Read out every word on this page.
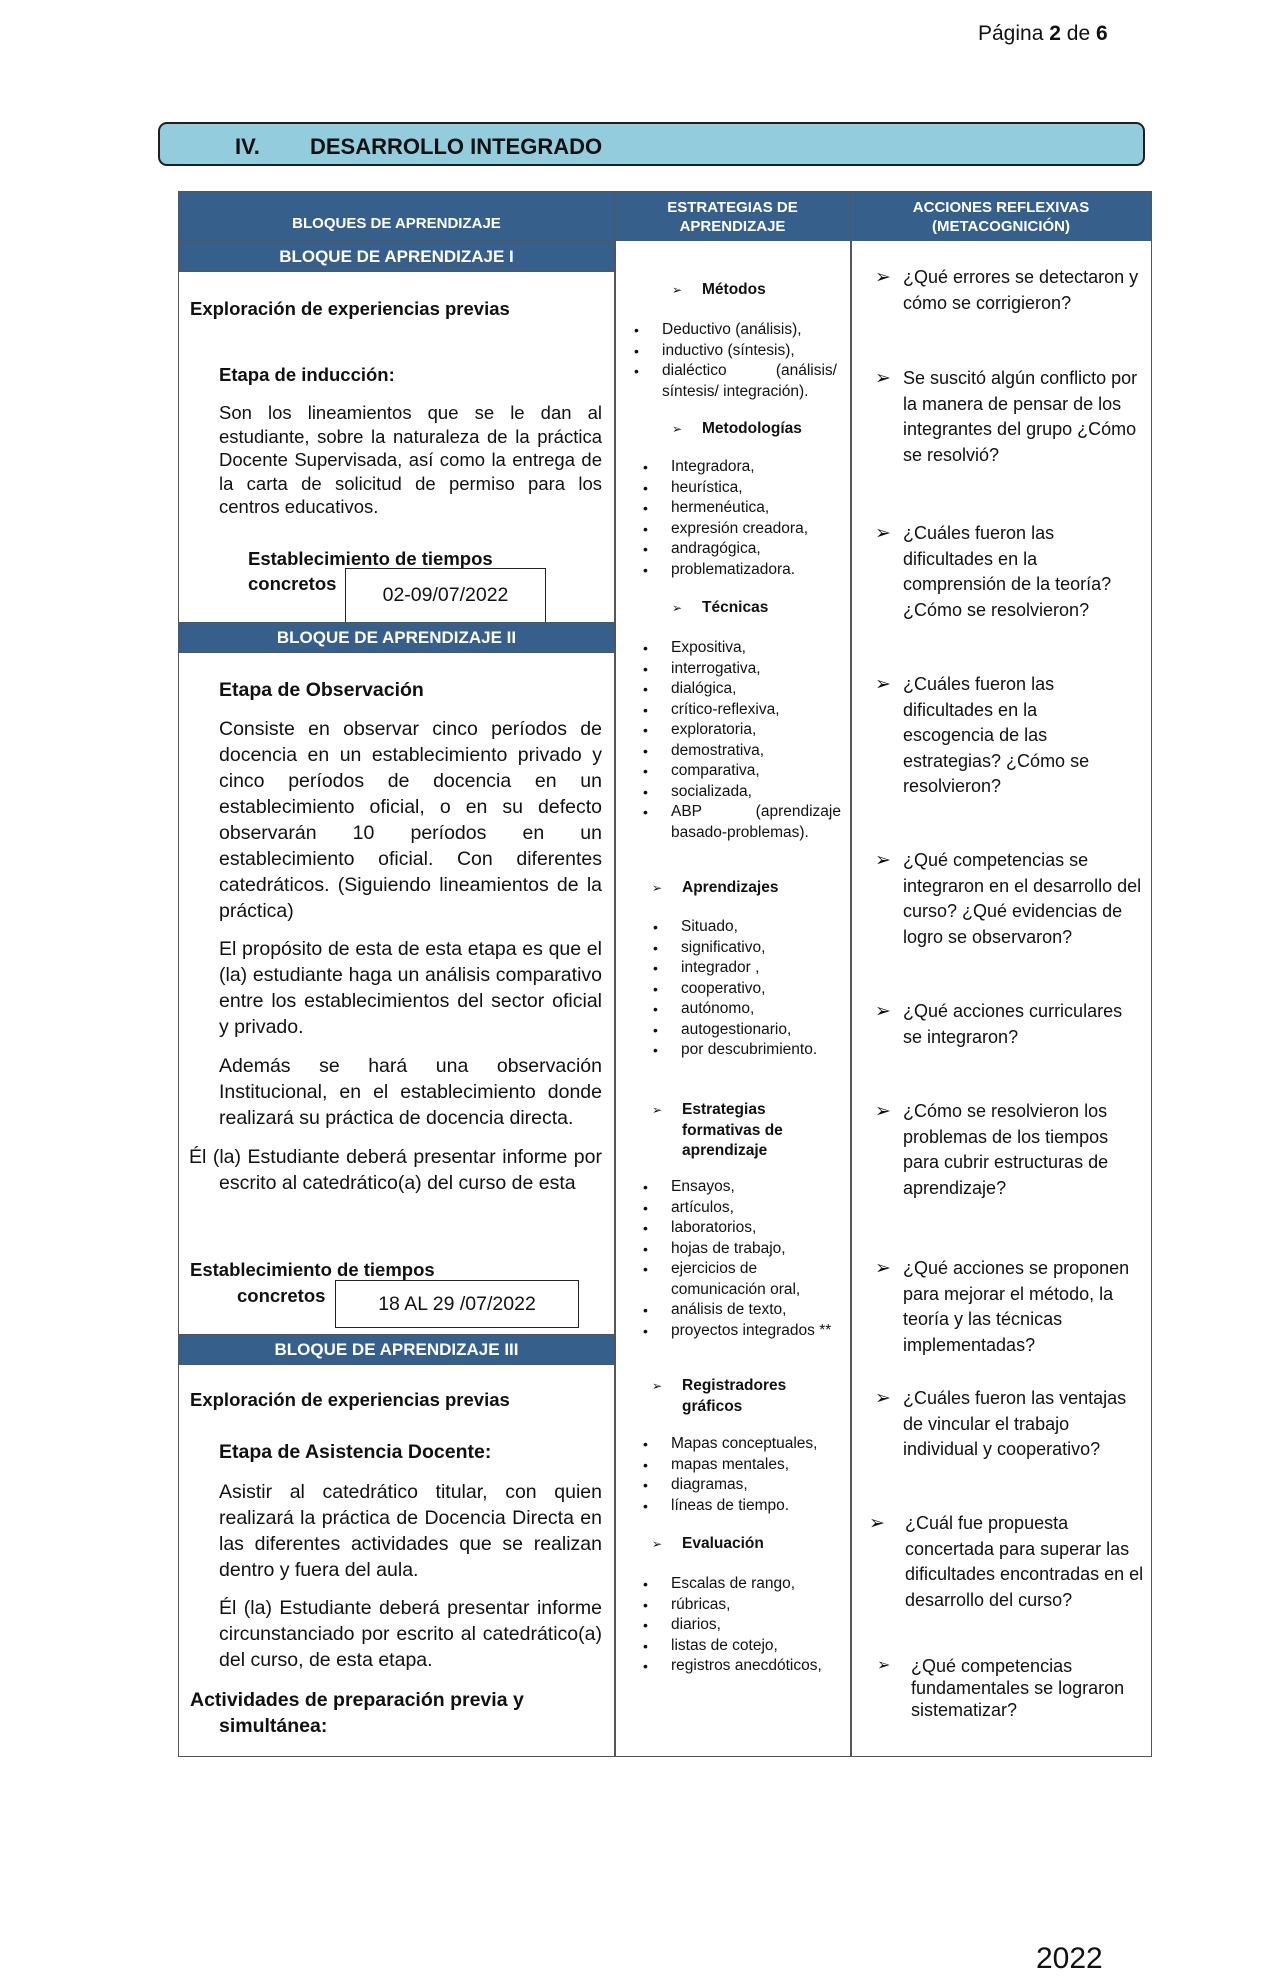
Página 2 de 6
IV. DESARROLLO INTEGRADO
BLOQUES DE APRENDIZAJE
ESTRATEGIAS DE APRENDIZAJE
ACCIONES REFLEXIVAS (METACOGNICIÓN)
BLOQUE DE APRENDIZAJE I
Exploración de experiencias previas
Etapa de inducción:
Son los lineamientos que se le dan al estudiante, sobre la naturaleza de la práctica Docente Supervisada, así como la entrega de la carta de solicitud de permiso para los centros educativos.
Establecimiento de tiempos
concretos
02-09/07/2022
BLOQUE DE APRENDIZAJE II
Etapa de Observación
Consiste en observar cinco períodos de docencia en un establecimiento privado y cinco períodos de docencia en un establecimiento oficial, o en su defecto observarán 10 períodos en un establecimiento oficial. Con diferentes catedráticos. (Siguiendo lineamientos de la práctica)
El propósito de esta de esta etapa es que el (la) estudiante haga un análisis comparativo entre los establecimientos del sector oficial y privado.
Además se hará una observación Institucional, en el establecimiento donde realizará su práctica de docencia directa.
Él (la) Estudiante deberá presentar informe por escrito al catedrático(a) del curso de esta
Establecimiento de tiempos
concretos	18 AL 29 /07/2022
BLOQUE DE APRENDIZAJE III
Exploración de experiencias previas
Etapa de Asistencia Docente:
Asistir al catedrático titular, con quien realizará la práctica de Docencia Directa en las diferentes actividades que se realizan dentro y fuera del aula.
Él (la) Estudiante deberá presentar informe circunstanciado por escrito al catedrático(a) del curso, de esta etapa.
Actividades de preparación previa y simultánea:
➢ Métodos
• Deductivo (análisis),
• inductivo (síntesis),
• dialéctico (análisis/ síntesis/ integración).
➢ Metodologías
• Integradora,
• heurística,
• hermenéutica,
• expresión creadora,
• andragógica,
• problematizadora.
➢ Técnicas
• Expositiva,
• interrogativa,
• dialógica,
• crítico-reflexiva,
• exploratoria,
• demostrativa,
• comparativa,
• socializada,
• ABP (aprendizaje basado-problemas).
➢ Aprendizajes
• Situado,
• significativo,
• integrador ,
• cooperativo,
• autónomo,
• autogestionario,
• por descubrimiento.
➢ Estrategias formativas de aprendizaje
• Ensayos,
• artículos,
• laboratorios,
• hojas de trabajo,
• ejercicios de comunicación oral,
• análisis de texto,
• proyectos integrados **
➢ Registradores gráficos
• Mapas conceptuales,
• mapas mentales,
• diagramas,
• líneas de tiempo.
➢ Evaluación
• Escalas de rango,
• rúbricas,
• diarios,
• listas de cotejo,
• registros anecdóticos,
➢ ¿Qué errores se detectaron y cómo se corrigieron?
➢ Se suscitó algún conflicto por la manera de pensar de los integrantes del grupo ¿Cómo se resolvió?
➢ ¿Cuáles fueron las dificultades en la comprensión de la teoría? ¿Cómo se resolvieron?
➢ ¿Cuáles fueron las dificultades en la escogencia de las estrategias? ¿Cómo se resolvieron?
➢ ¿Qué competencias se integraron en el desarrollo del curso? ¿Qué evidencias de logro se observaron?
➢ ¿Qué acciones curriculares se integraron?
➢ ¿Cómo se resolvieron los problemas de los tiempos para cubrir estructuras de aprendizaje?
➢ ¿Qué acciones se proponen para mejorar el método, la teoría y las técnicas implementadas?
➢ ¿Cuáles fueron las ventajas de vincular el trabajo individual y cooperativo?
➢ ¿Cuál fue propuesta concertada para superar las dificultades encontradas en el desarrollo del curso?
➢ ¿Qué competencias fundamentales se lograron sistematizar?
2022
